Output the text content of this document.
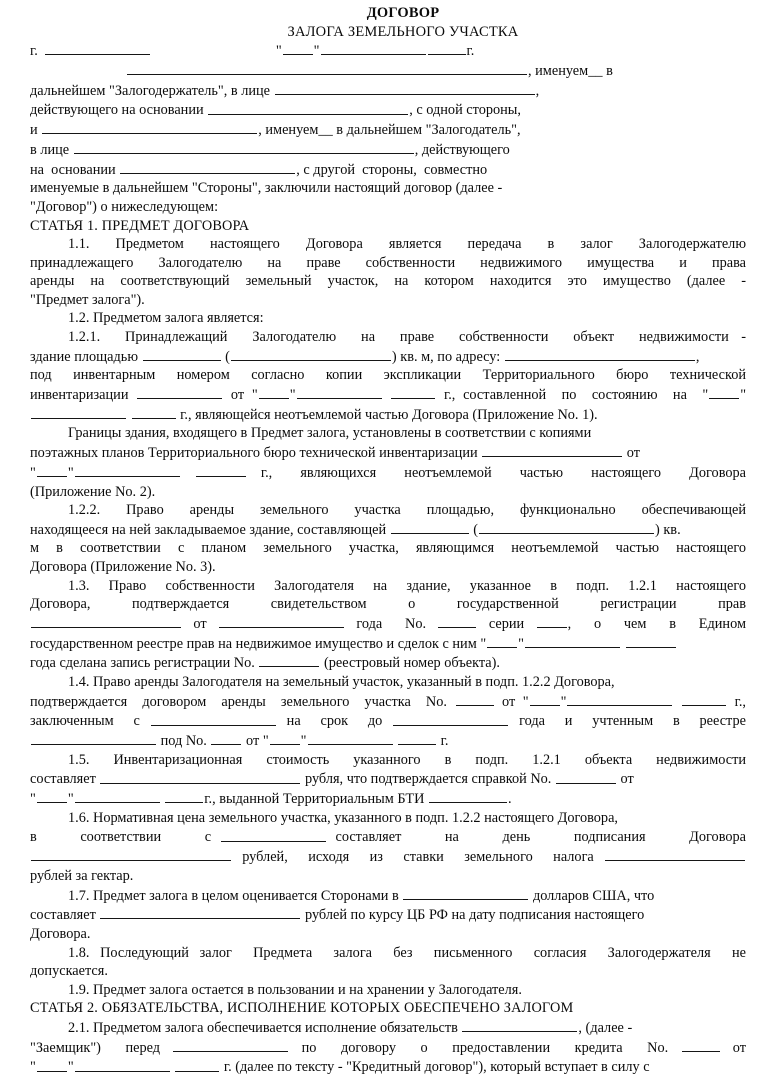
ДОГОВОР
ЗАЛОГА ЗЕМЕЛЬНОГО УЧАСТКА
г.	" "	г.
, именуем__ в
дальнейшем "Залогодержатель", в лице	,
действующего на основании	, с одной стороны,
и	, именуем__ в дальнейшем "Залогодатель",
в лице	, действующего
на  основании	, с другой  стороны,  совместно
именуемые в дальнейшем "Стороны", заключили настоящий договор (далее -
"Договор") о нижеследующем:
СТАТЬЯ 1. ПРЕДМЕТ ДОГОВОРА
1.1.  Предметом  настоящего  Договора  является  передача  в  залог  Залогодержателю
принадлежащего  Залогодателю  на  праве  собственности  недвижимого  имущества  и  права
аренды на соответствующий земельный участок, на котором находится это имущество (далее -
"Предмет залога").
1.2. Предметом залога является:
1.2.1.  Принадлежащий  Залогодателю  на  праве  собственности  объект  недвижимости -
здание площадью	(	) кв. м, по адресу:	,
под инвентарным номером согласно копии экспликации Территориального бюро технической
инвентаризации	от " "	г., составленной  по  состоянию  на  " "
г., являющейся неотъемлемой частью Договора (Приложение No. 1).
Границы здания, входящего в Предмет залога, установлены в соответствии с копиями
поэтажных планов Территориального бюро технической инвентаризации	от
" "	г.,  являющихся  неотъемлемой  частью  настоящего  Договора
(Приложение No. 2).
1.2.2.  Право  аренды  земельного  участка  площадью,  функционально  обеспечивающей
находящееся на ней закладываемое здание, составляющей	(	) кв.
м в соответствии с планом земельного участка, являющимся неотъемлемой частью настоящего
Договора (Приложение No. 3).
1.3.  Право  собственности  Залогодателя  на  здание,  указанное  в  подп.  1.2.1  настоящего
Договора,     подтверждается     свидетельством     о     государственной     регистрации     прав
от	года  No.	серии	,  о  чем  в  Едином
государственном реестре прав на недвижимое имущество и сделок с ним " "
года сделана запись регистрации No.	(реестровый номер объекта).
1.4. Право аренды Залогодателя на земельный участок, указанный в подп. 1.2.2 Договора,
подтверждается  договором  аренды  земельного  участка  No.	от " "	г.,
заключенным  с	на  срок  до	года  и  учтенным  в  реестре
под No.	от " "	г.
1.5.  Инвентаризационная  стоимость  указанного  в  подп.  1.2.1  объекта  недвижимости
составляет	рубля, что подтверждается справкой No.	от
" "	г., выданной Территориальным БТИ	.
1.6. Нормативная цена земельного участка, указанного в подп. 1.2.2 настоящего Договора,
в     соответствии     с	составляет     на     день     подписания     Договора
рублей,  исходя  из  ставки  земельного  налога
рублей за гектар.
1.7. Предмет залога в целом оценивается Сторонами в	долларов США, что
составляет	рублей по курсу ЦБ РФ на дату подписания настоящего
Договора.
1.8. Последующий залог  Предмета  залога  без  письменного  согласия  Залогодержателя  не
допускается.
1.9. Предмет залога остается в пользовании и на хранении у Залогодателя.
СТАТЬЯ 2. ОБЯЗАТЕЛЬСТВА, ИСПОЛНЕНИЕ КОТОРЫХ ОБЕСПЕЧЕНО ЗАЛОГОМ
2.1. Предметом залога обеспечивается исполнение обязательств	, (далее -
"Заемщик")  перед	по  договору  о  предоставлении  кредита  No.	от
" "	г. (далее по тексту - "Кредитный договор"), который вступает в силу с
